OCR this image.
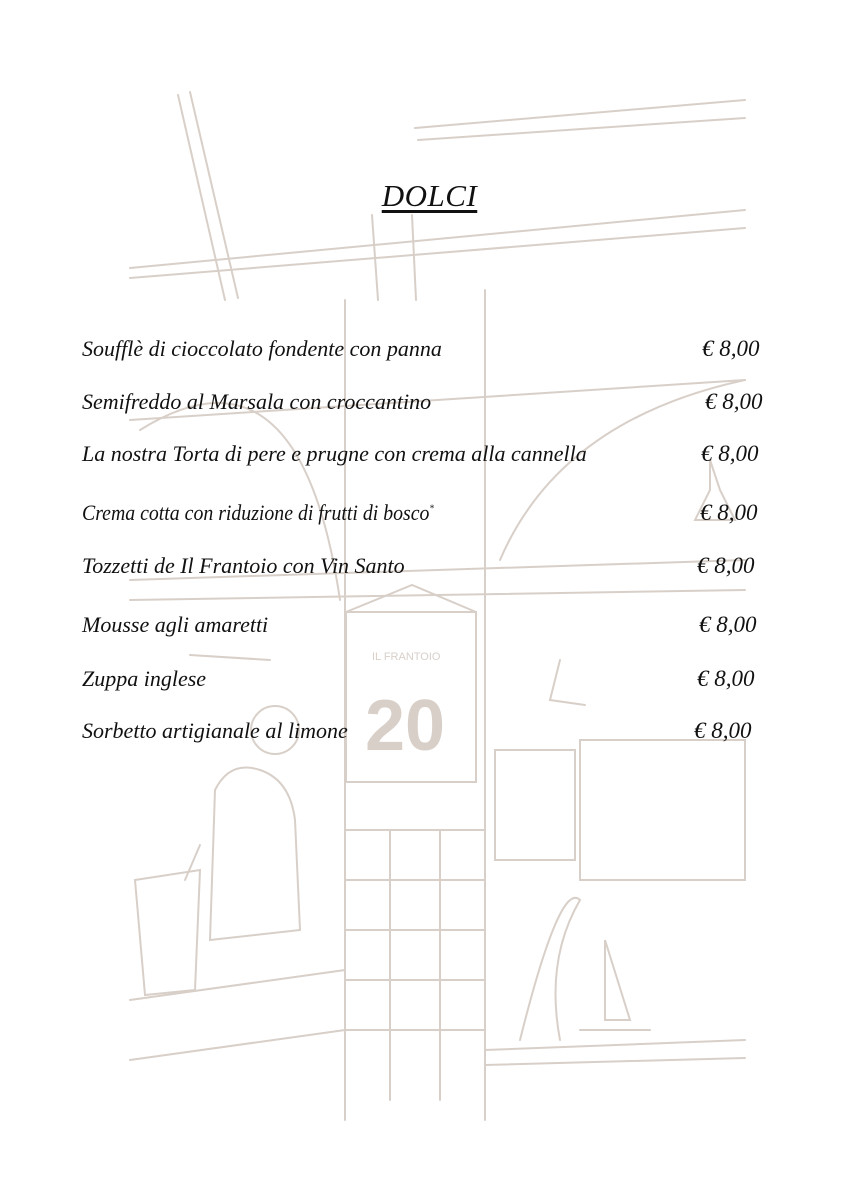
IL FRANTOIO
20
DOLCI
Soufflè di cioccolato fondente con panna	€ 8,00
Semifreddo al Marsala con croccantino	€ 8,00
La nostra Torta di pere e prugne con crema alla cannella	€ 8,00
Crema cotta con riduzione di frutti di bosco*	€ 8,00
Tozzetti de Il Frantoio con Vin Santo	€ 8,00
Mousse agli amaretti	€ 8,00
Zuppa inglese	€ 8,00
Sorbetto artigianale al limone	€ 8,00
